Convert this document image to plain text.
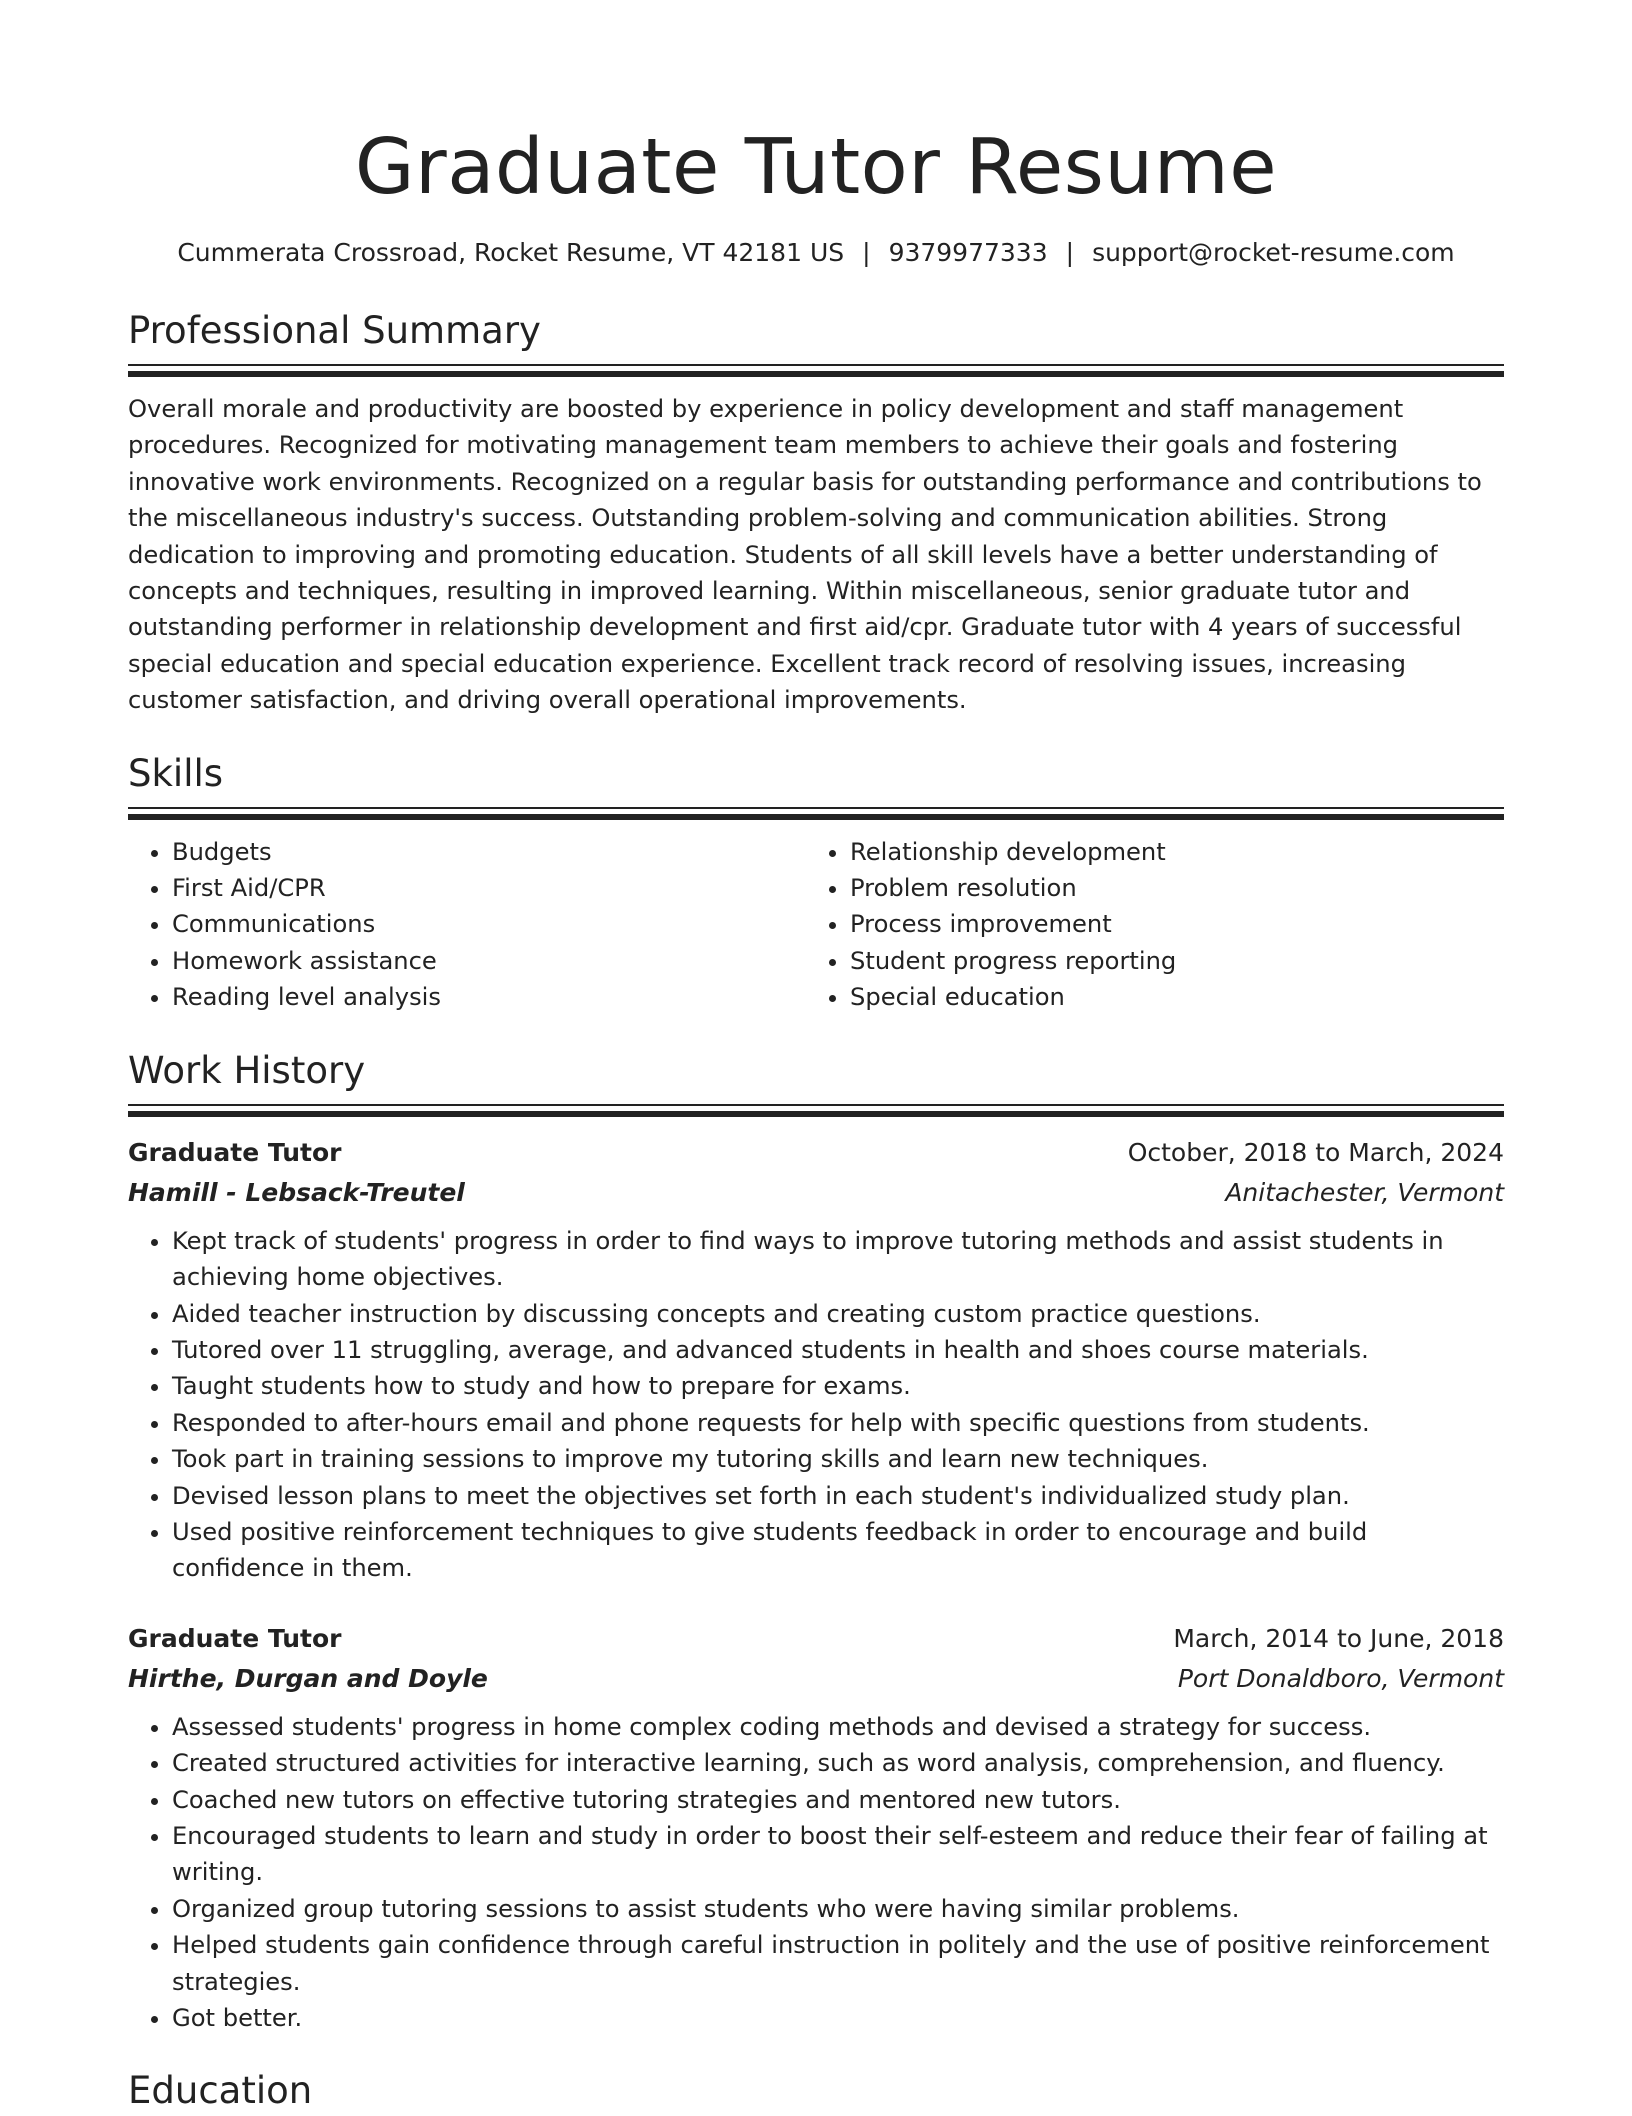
Graduate Tutor Resume
Cummerata Crossroad, Rocket Resume, VT 42181 US | 9379977333 | support@rocket-resume.com
Professional Summary

Overall morale and productivity are boosted by experience in policy development and staff management procedures. Recognized for motivating management team members to achieve their goals and fostering innovative work environments. Recognized on a regular basis for outstanding performance and contributions to the miscellaneous industry's success. Outstanding problem-solving and communication abilities. Strong dedication to improving and promoting education. Students of all skill levels have a better understanding of concepts and techniques, resulting in improved learning. Within miscellaneous, senior graduate tutor and outstanding performer in relationship development and first aid/cpr. Graduate tutor with 4 years of successful special education and special education experience. Excellent track record of resolving issues, increasing customer satisfaction, and driving overall operational improvements.

Skills
• Budgets
• First Aid/CPR
• Communications
• Homework assistance
• Reading level analysis
• Relationship development
• Problem resolution
• Process improvement
• Student progress reporting
• Special education
Work History
Graduate Tutor	October, 2018 to March, 2024
Hamill - Lebsack-Treutel	Anitachester, Vermont
• Kept track of students' progress in order to find ways to improve tutoring methods and assist students in achieving home objectives.
• Aided teacher instruction by discussing concepts and creating custom practice questions.
• Tutored over 11 struggling, average, and advanced students in health and shoes course materials.
• Taught students how to study and how to prepare for exams.
• Responded to after-hours email and phone requests for help with specific questions from students.
• Took part in training sessions to improve my tutoring skills and learn new techniques.
• Devised lesson plans to meet the objectives set forth in each student's individualized study plan.
• Used positive reinforcement techniques to give students feedback in order to encourage and build confidence in them.
Graduate Tutor	March, 2014 to June, 2018
Hirthe, Durgan and Doyle	Port Donaldboro, Vermont
• Assessed students' progress in home complex coding methods and devised a strategy for success.
• Created structured activities for interactive learning, such as word analysis, comprehension, and fluency.
• Coached new tutors on effective tutoring strategies and mentored new tutors.
• Encouraged students to learn and study in order to boost their self-esteem and reduce their fear of failing at writing.
• Organized group tutoring sessions to assist students who were having similar problems.
• Helped students gain confidence through careful instruction in politely and the use of positive reinforcement strategies.
• Got better.
Education
